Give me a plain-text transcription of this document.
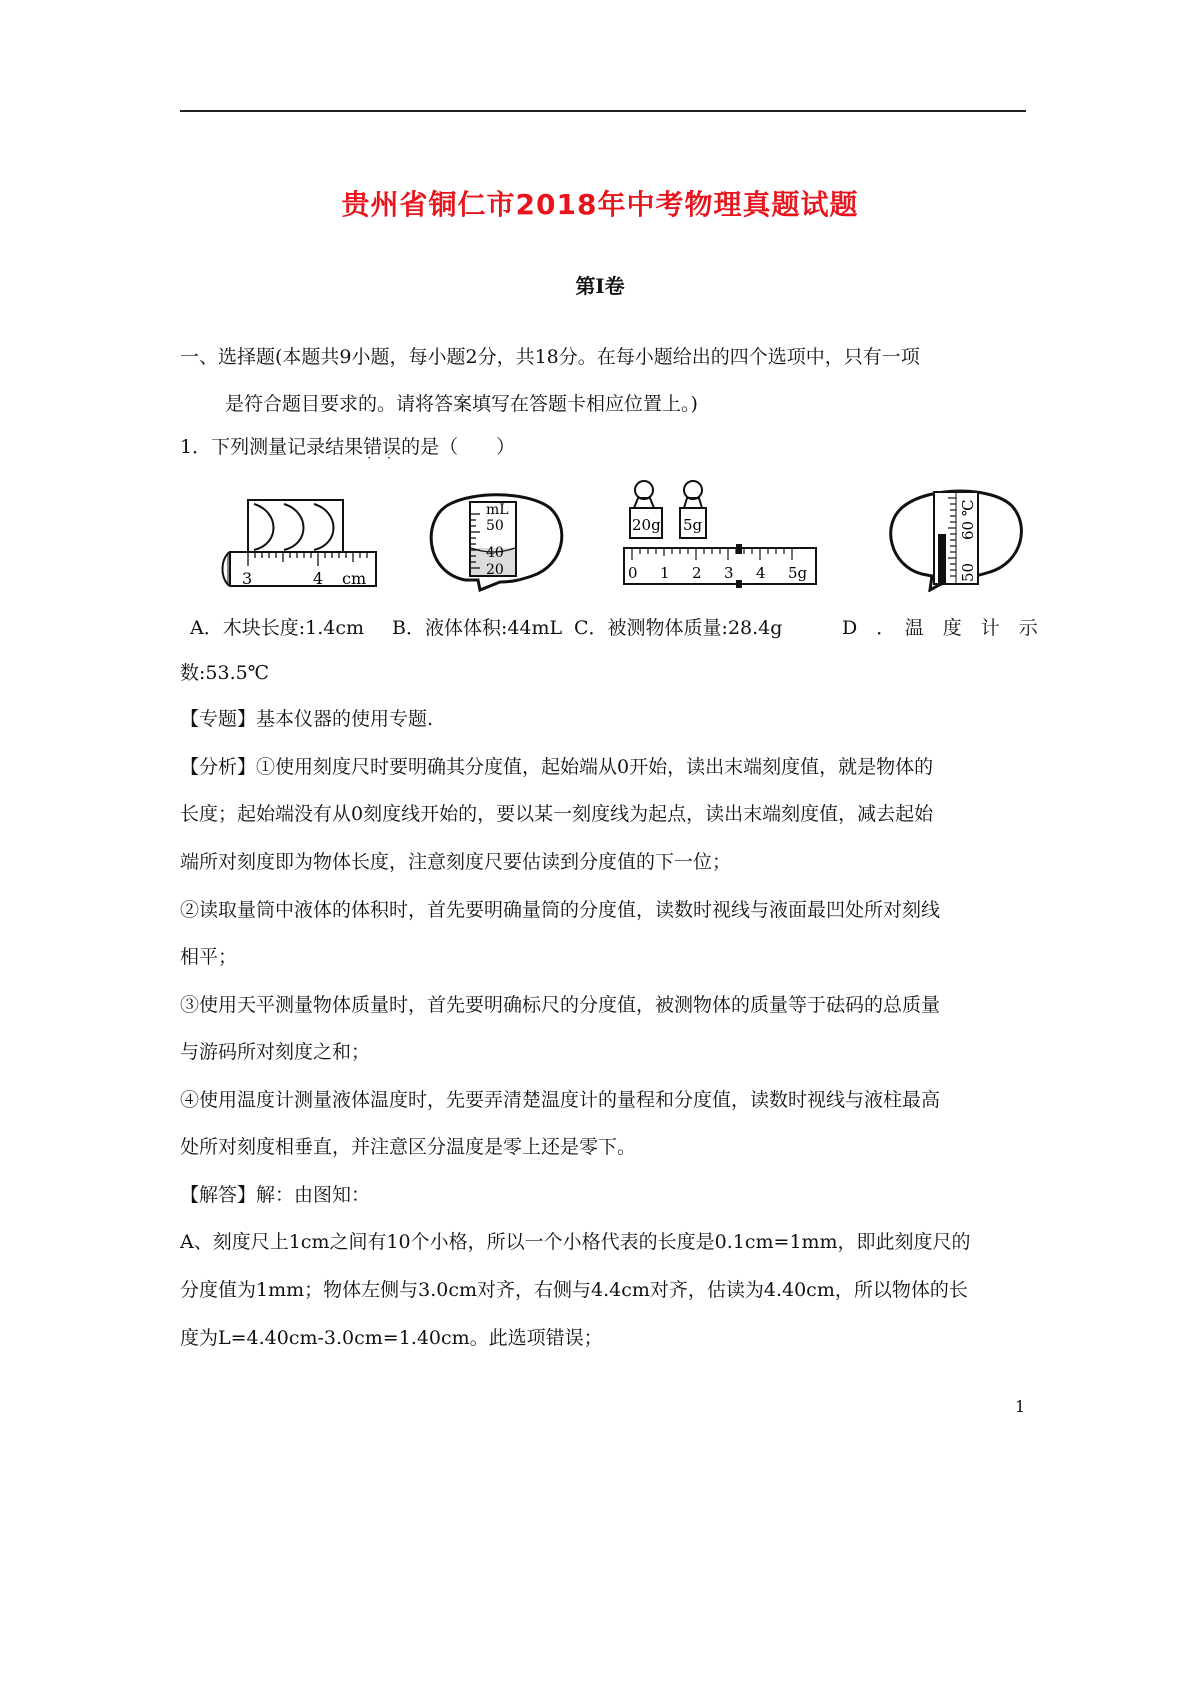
贵州省铜仁市2018年中考物理真题试题
第Ⅰ卷
一、选择题(本题共9小题，每小题2分，共18分。在每小题给出的四个选项中，只有一项
是符合题目要求的。请将答案填写在答题卡相应位置上。)
1．下列测量记录结果错误 · ·的是（　　）
3	4 cm
mL
50
40
20
20g 5g
0 1 2 3 4 5g
60 ℃
50
A．木块长度:1.4cm B．液体体积:44mL C．被测物体质量:28.4g	D　．　温　度　计　示
数:53.5℃
【专题】基本仪器的使用专题.
【分析】①使用刻度尺时要明确其分度值，起始端从0开始，读出末端刻度值，就是物体的
长度；起始端没有从0刻度线开始的，要以某一刻度线为起点，读出末端刻度值，减去起始
端所对刻度即为物体长度，注意刻度尺要估读到分度值的下一位；
②读取量筒中液体的体积时，首先要明确量筒的分度值，读数时视线与液面最凹处所对刻线
相平；
③使用天平测量物体质量时，首先要明确标尺的分度值，被测物体的质量等于砝码的总质量
与游码所对刻度之和；
④使用温度计测量液体温度时，先要弄清楚温度计的量程和分度值，读数时视线与液柱最高
处所对刻度相垂直，并注意区分温度是零上还是零下。
【解答】解：由图知：
A、刻度尺上1cm之间有10个小格，所以一个小格代表的长度是0.1cm=1mm，即此刻度尺的
分度值为1mm；物体左侧与3.0cm对齐，右侧与4.4cm对齐，估读为4.40cm，所以物体的长
度为L=4.40cm-3.0cm=1.40cm。此选项错误；
1
